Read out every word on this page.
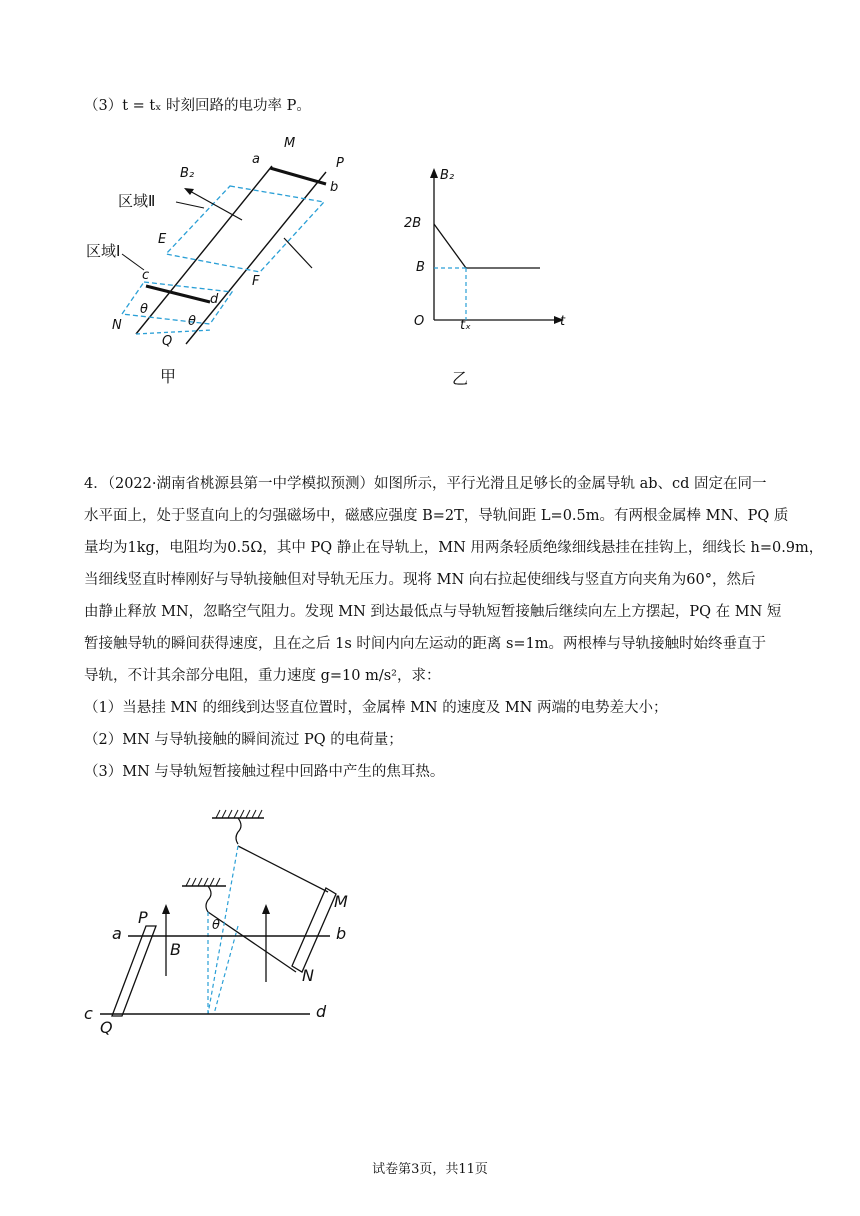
（3）t = tₓ 时刻回路的电功率 P。
M
P
a
b
B₂
区域Ⅱ
区域Ⅰ
E
F
c
d
N
Q
θ
θ
甲
B₂
2B
B
O	tₓ	t
乙
4．（2022·湖南省桃源县第一中学模拟预测）如图所示，平行光滑且足够长的金属导轨 ab、cd 固定在同一
水平面上，处于竖直向上的匀强磁场中，磁感应强度 B=2T，导轨间距 L=0.5m。有两根金属棒 MN、PQ 质
量均为1kg，电阻均为0.5Ω，其中 PQ 静止在导轨上，MN 用两条轻质绝缘细线悬挂在挂钩上，细线长 h=0.9m，
当细线竖直时棒刚好与导轨接触但对导轨无压力。现将 MN 向右拉起使细线与竖直方向夹角为60°，然后
由静止释放 MN，忽略空气阻力。发现 MN 到达最低点与导轨短暂接触后继续向左上方摆起，PQ 在 MN 短
暂接触导轨的瞬间获得速度，且在之后 1s 时间内向左运动的距离 s=1m。两根棒与导轨接触时始终垂直于
导轨，不计其余部分电阻，重力速度 g=10 m/s²，求：
（1）当悬挂 MN 的细线到达竖直位置时，金属棒 MN 的速度及 MN 两端的电势差大小；
（2）MN 与导轨接触的瞬间流过 PQ 的电荷量；
（3）MN 与导轨短暂接触过程中回路中产生的焦耳热。
a
P
B
θ	b
M
N
c
Q
d
试卷第3页，共11页
